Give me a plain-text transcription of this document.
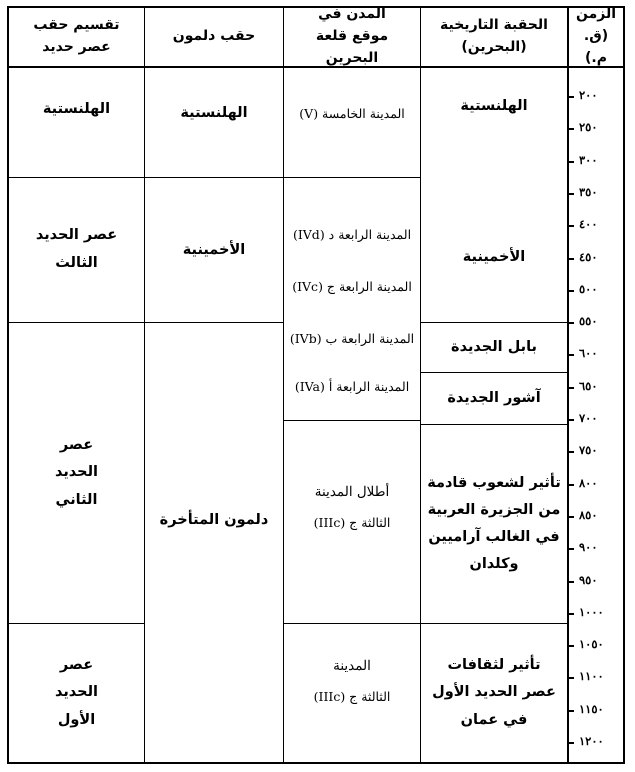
الزمن (ق. م.)
الحقبة التاريخية (البحرين)
المدن في موقع قلعة البحرين
حقب دلمون
تقسيم حقب عصر حديد
٢٠٠
٢٥٠
٣٠٠
٣٥٠
٤٠٠
٤٥٠
٥٠٠
٥٥٠
٦٠٠
٦٥٠
٧٠٠
٧٥٠
٨٠٠
٨٥٠
٩٠٠
٩٥٠
١٠٠٠
١٠٥٠
١١٠٠
١١٥٠
١٢٠٠
الهلنستية
الأخمينية
بابل الجديدة
آشور الجديدة
تأثير لشعوب قادمة من الجزيرة العربية في الغالب آراميين وكلدان
تأثير لثقافات عصر الحديد الأول في عمان
المدينة الخامسة (V)
المدينة الرابعة د (IVd)
المدينة الرابعة ج (IVc)
المدينة الرابعة ب (IVb)
المدينة الرابعة أ (IVa)
أطلال المدينة
الثالثة ج (IIIc)
المدينة
الثالثة ج (IIIc)
الهلنستية
الأخمينية
دلمون المتأخرة
الهلنستية
عصر الحديد الثالث
عصر الحديد الثاني
عصر الحديد الأول
